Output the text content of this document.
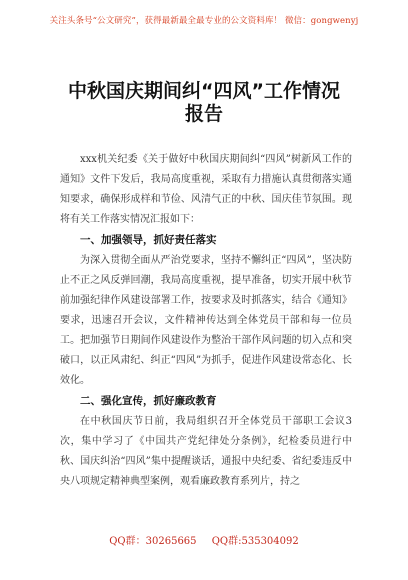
关注头条号“公文研究”，获得最新最全最专业的公文资料库！ 微信：gongwenyj
中秋国庆期间纠“四风”工作情况
报告

xxx机关纪委《关于做好中秋国庆期间纠“四风”树新风工作的通知》文件下发后，我局高度重视，采取有力措施认真贯彻落实通知要求，确保形成样和节俭、风清气正的中秋、国庆佳节氛围。现将有关工作落实情况汇报如下：

一、加强领导，抓好责任落实

为深入贯彻全面从严治党要求，坚持不懈纠正“四风”，坚决防止不正之风反弹回潮，我局高度重视，提早准备，切实开展中秋节前加强纪律作风建设部署工作，按要求及时抓落实，结合《通知》要求，迅速召开会议，文件精神传达到全体党员干部和每一位员工。把加强节日期间作风建设作为整治干部作风问题的切入点和突破口，以正风肃纪、纠正“四风”为抓手，促进作风建设常态化、长效化。

二、强化宣传，抓好廉政教育

在中秋国庆节日前，我局组织召开全体党员干部职工会议3次，集中学习了《中国共产党纪律处分条例》，纪检委员进行中秋、国庆纠治“四风”集中提醒谈话，通报中央纪委、省纪委违反中央八项规定精神典型案例，观看廉政教育系列片，持之

QQ群：30265665 QQ群:535304092
